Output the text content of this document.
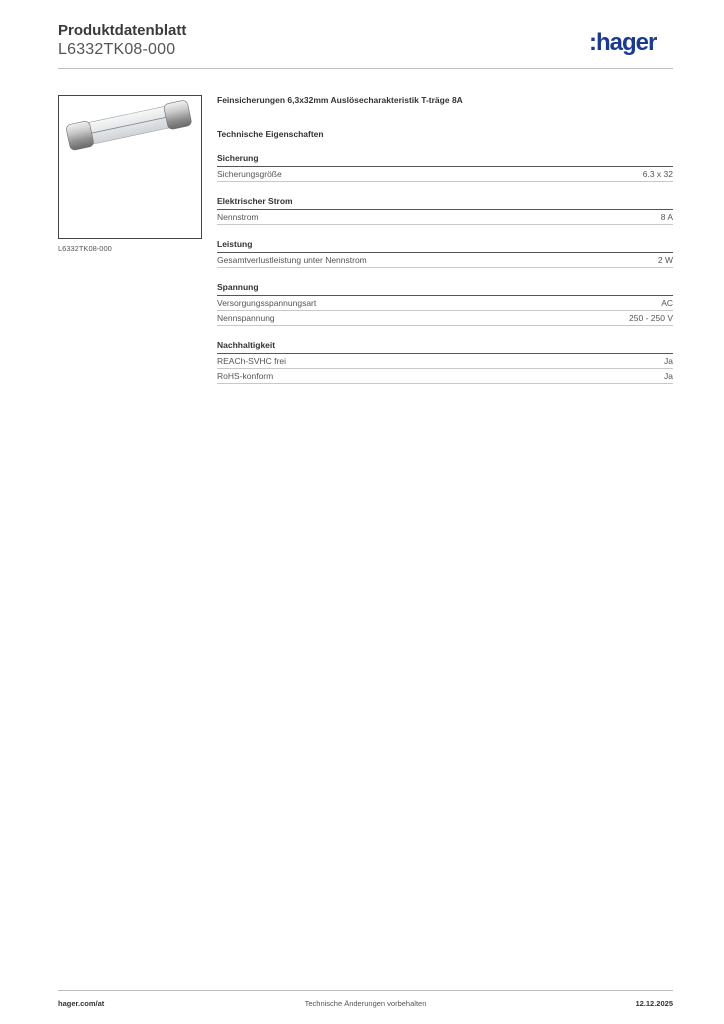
Produktdatenblatt
L6332TK08-000	:hager
L6332TK08-000
Feinsicherungen 6,3x32mm Auslösecharakteristik T-träge 8A
Technische Eigenschaften
Sicherung
Sicherungsgröße	6.3 x 32
Elektrischer Strom
Nennstrom	8 A
Leistung
Gesamtverlustleistung unter Nennstrom	2 W
Spannung
Versorgungsspannungsart	AC
Nennspannung	250 - 250 V
Nachhaltigkeit
REACh-SVHC frei	Ja
RoHS-konform	Ja
hager.com/at	Technische Änderungen vorbehalten	12.12.2025
